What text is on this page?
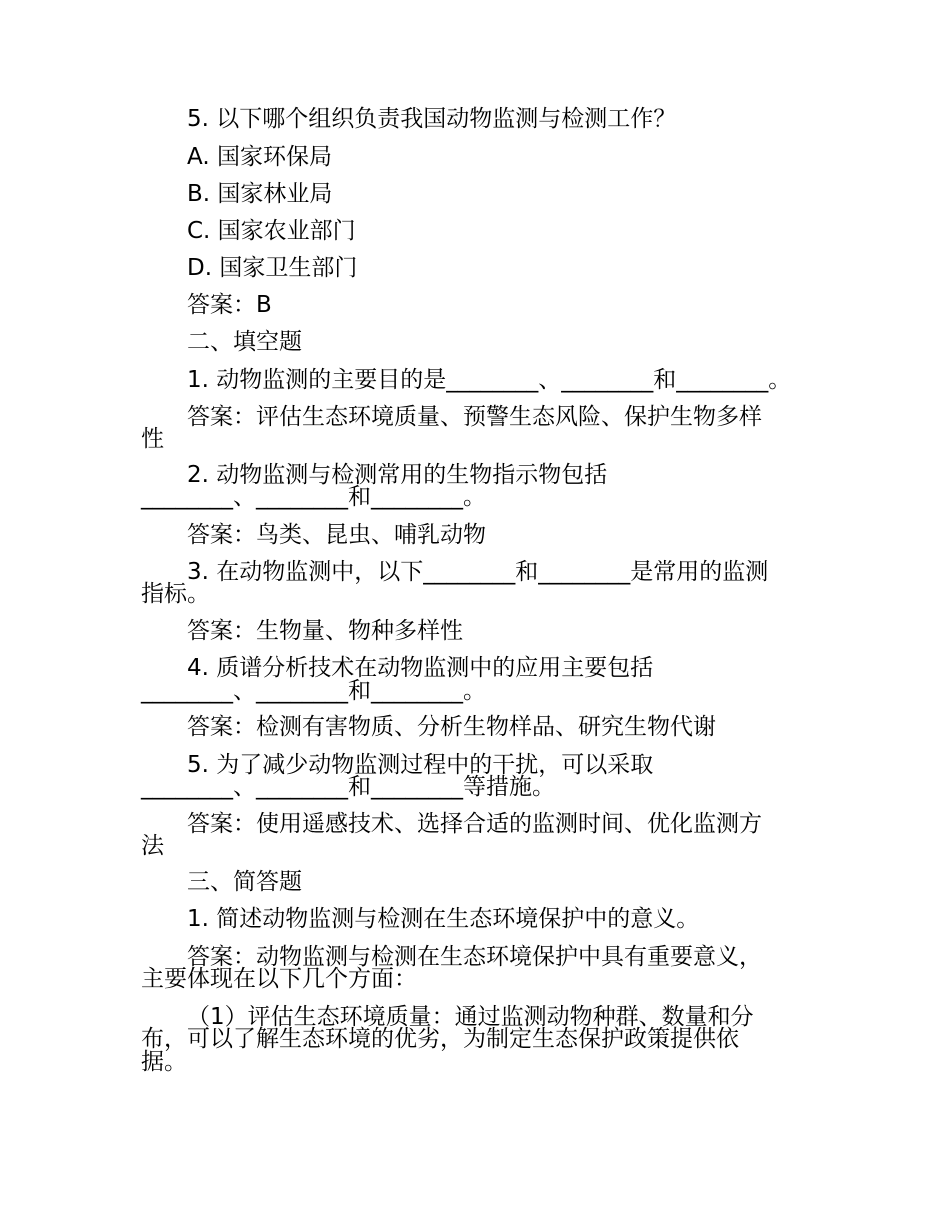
5. 以下哪个组织负责我国动物监测与检测工作？

A. 国家环保局

B. 国家林业局

C. 国家农业部门

D. 国家卫生部门

答案：B

二、填空题

1. 动物监测的主要目的是________、________和________。

答案：评估生态环境质量、预警生态风险、保护生物多样

性

2. 动物监测与检测常用的生物指示物包括

________、________和________。

答案：鸟类、昆虫、哺乳动物

3. 在动物监测中，以下________和________是常用的监测

指标。

答案：生物量、物种多样性

4. 质谱分析技术在动物监测中的应用主要包括

________、________和________。

答案：检测有害物质、分析生物样品、研究生物代谢

5. 为了减少动物监测过程中的干扰，可以采取

________、________和________等措施。

答案：使用遥感技术、选择合适的监测时间、优化监测方

法

三、简答题

1. 简述动物监测与检测在生态环境保护中的意义。

答案：动物监测与检测在生态环境保护中具有重要意义，

主要体现在以下几个方面：

（1）评估生态环境质量：通过监测动物种群、数量和分

布，可以了解生态环境的优劣，为制定生态保护政策提供依

据。
